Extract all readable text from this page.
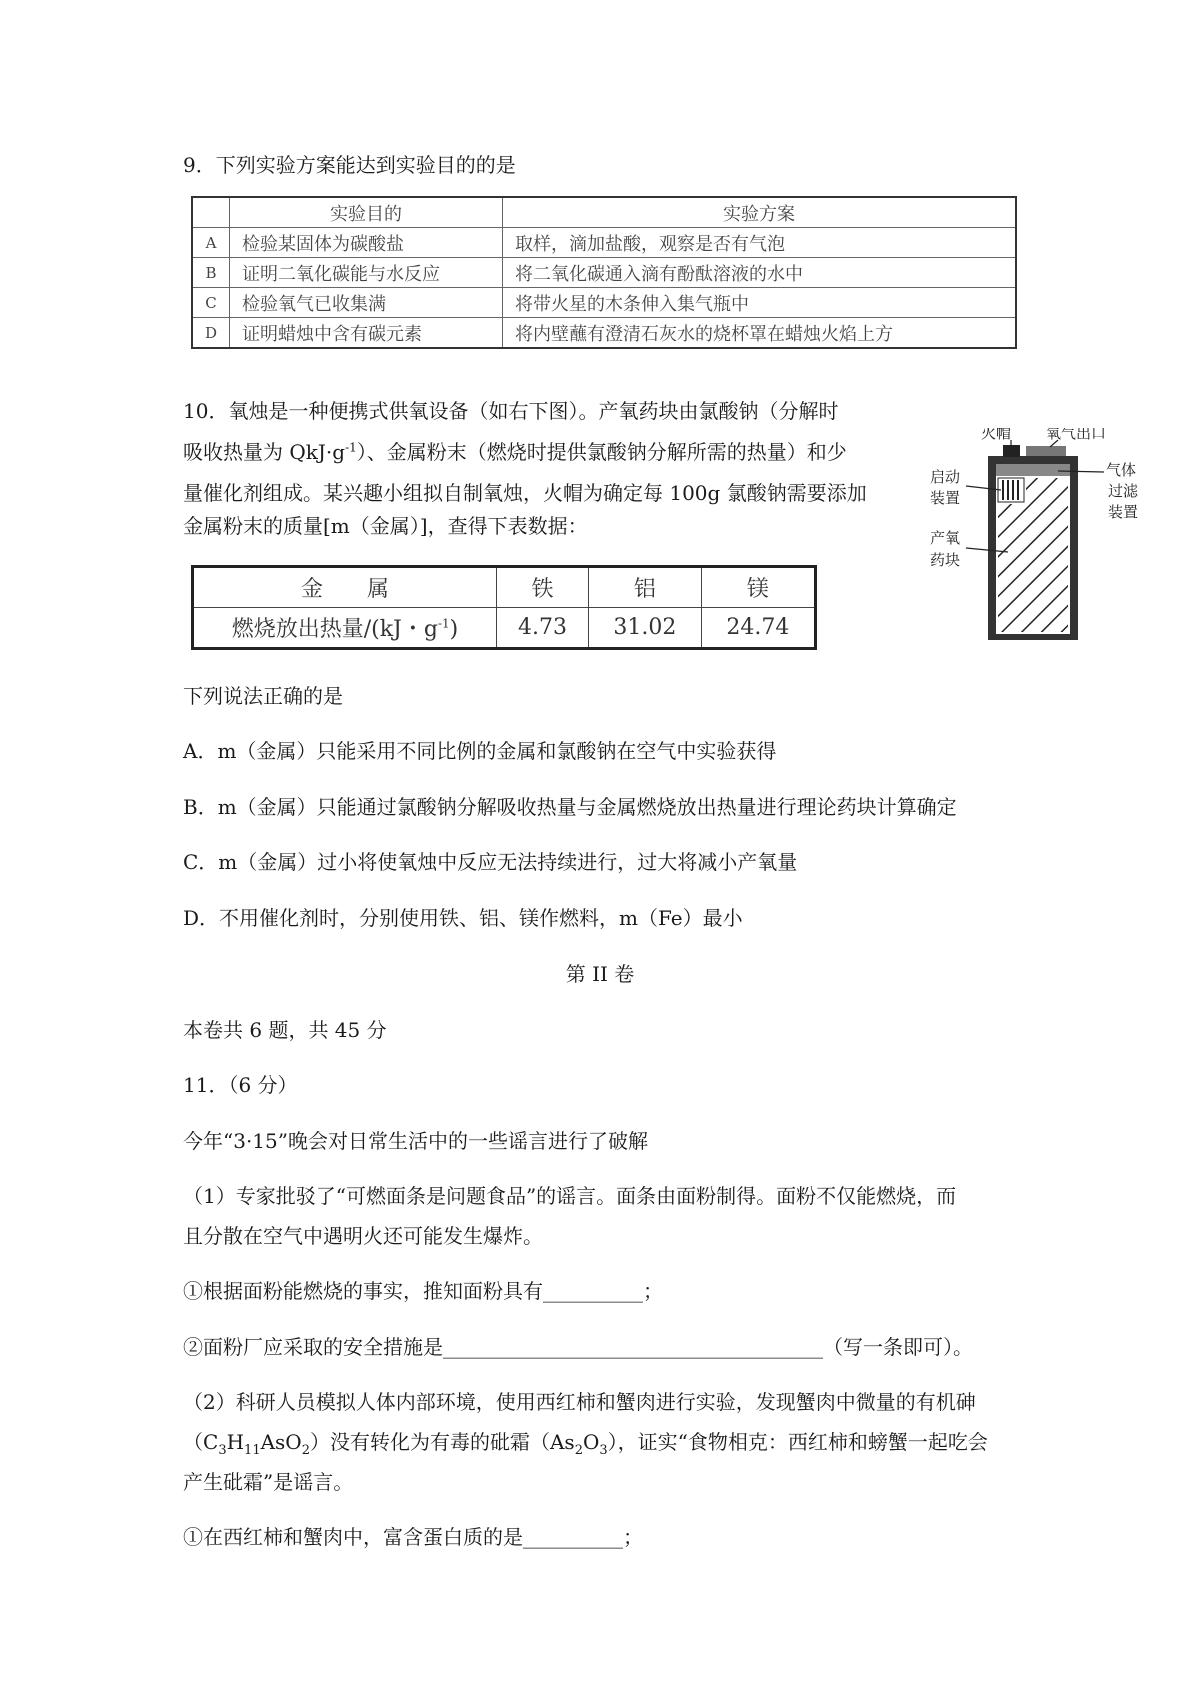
9．下列实验方案能达到实验目的的是
	实验目的	实验方案
A	检验某固体为碳酸盐	取样，滴加盐酸，观察是否有气泡
B	证明二氧化碳能与水反应	将二氧化碳通入滴有酚酞溶液的水中
C	检验氧气已收集满	将带火星的木条伸入集气瓶中
D	证明蜡烛中含有碳元素	将内壁蘸有澄清石灰水的烧杯罩在蜡烛火焰上方
10．氧烛是一种便携式供氧设备（如右下图）。产氧药块由氯酸钠（分解时
吸收热量为 $QkJ\cdot g^{-1}$）、金属粉末（燃烧时提供氯酸钠分解所需的热量）和少
量催化剂组成。某兴趣小组拟自制氧烛，火帽为确定每 100g 氯酸钠需要添加
金属粉末的质量[m（金属）]，查得下表数据：
金　　属	铁	铝	镁
燃烧放出热量/(kJ・$g^{-1}$)	4.73	31.02	24.74
火帽 氧气出口
启动
装置
气体
过滤
装置
产氧
药块
下列说法正确的是
A．m（金属）只能采用不同比例的金属和氯酸钠在空气中实验获得
B．m（金属）只能通过氯酸钠分解吸收热量与金属燃烧放出热量进行理论药块计算确定
C．m（金属）过小将使氧烛中反应无法持续进行，过大将减小产氧量
D．不用催化剂时，分别使用铁、铝、镁作燃料，m（Fe）最小
第 II 卷
本卷共 6 题，共 45 分
11．（6 分）
今年“3·15”晚会对日常生活中的一些谣言进行了破解
（1）专家批驳了“可燃面条是问题食品”的谣言。面条由面粉制得。面粉不仅能燃烧，而
且分散在空气中遇明火还可能发生爆炸。
①根据面粉能燃烧的事实，推知面粉具有__________；
②面粉厂应采取的安全措施是______________________________________（写一条即可）。
（2）科研人员模拟人体内部环境，使用西红柿和蟹肉进行实验，发现蟹肉中微量的有机砷
$(C_3H_{11}AsO_2)$没有转化为有毒的砒霜$(As_2O_3)$，证实“食物相克：西红柿和螃蟹一起吃会
产生砒霜”是谣言。
①在西红柿和蟹肉中，富含蛋白质的是__________；
